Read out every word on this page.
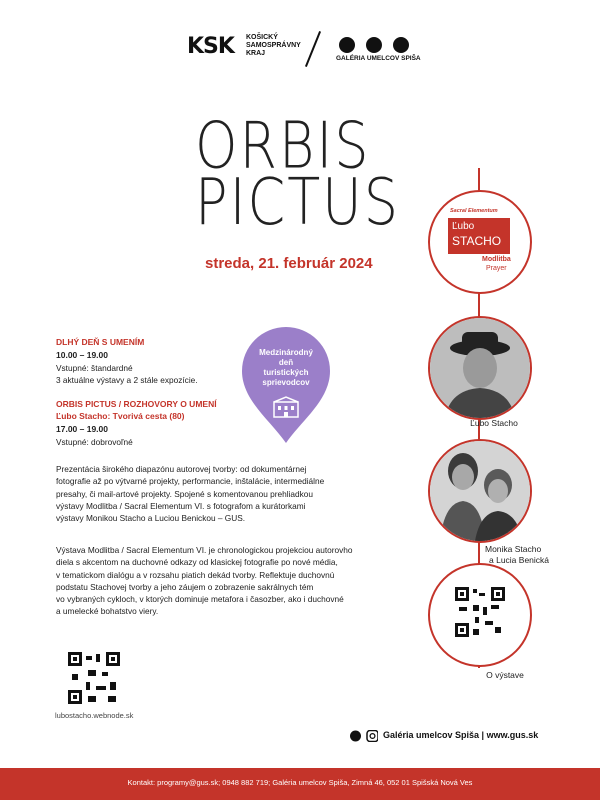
KSK KOŠICKÝ
SAMOSPRÁVNY
KRAJ
GALÉRIA UMELCOV SPIŠA
ORBIS
PICTUS
streda, 21. február 2024
Sacral Elementum
Ľubo
STACHO
Modlitba
Prayer
Ľubo Stacho
Monika Stacho
a Lucia Benická
O výstave
DLHÝ DEŇ S UMENÍM
10.00 – 19.00
Vstupné: štandardné
3 aktuálne výstavy a 2 stále expozície.
ORBIS PICTUS / ROZHOVORY O UMENÍ
Ľubo Stacho: Tvorivá cesta (80)
17.00 – 19.00
Vstupné: dobrovoľné
Medzinárodný
deň
turistických
sprievodcov
Prezentácia širokého diapazónu autorovej tvorby: od dokumentárnej
fotografie až po výtvarné projekty, performancie, inštalácie, intermediálne
presahy, či mail-artové projekty. Spojené s komentovanou prehliadkou
výstavy Modlitba / Sacral Elementum VI. s fotografom a kurátorkami
výstavy Monikou Stacho a Luciou Benickou – GUS.
Výstava Modlitba / Sacral Elementum VI. je chronologickou projekciou autorovho
diela s akcentom na duchovné odkazy od klasickej fotografie po nové média,
v tematickom dialógu a v rozsahu piatich dekád tvorby. Reflektuje duchovnú
podstatu Stachovej tvorby a jeho záujem o zobrazenie sakrálnych tém
vo vybraných cykloch, v ktorých dominuje metafora i časozber, ako i duchovné
a umelecké bohatstvo viery.
lubostacho.webnode.sk
Galéria umelcov Spiša | www.gus.sk
Kontakt: programy@gus.sk; 0948 882 719; Galéria umelcov Spiša, Zimná 46, 052 01 Spišská Nová Ves
